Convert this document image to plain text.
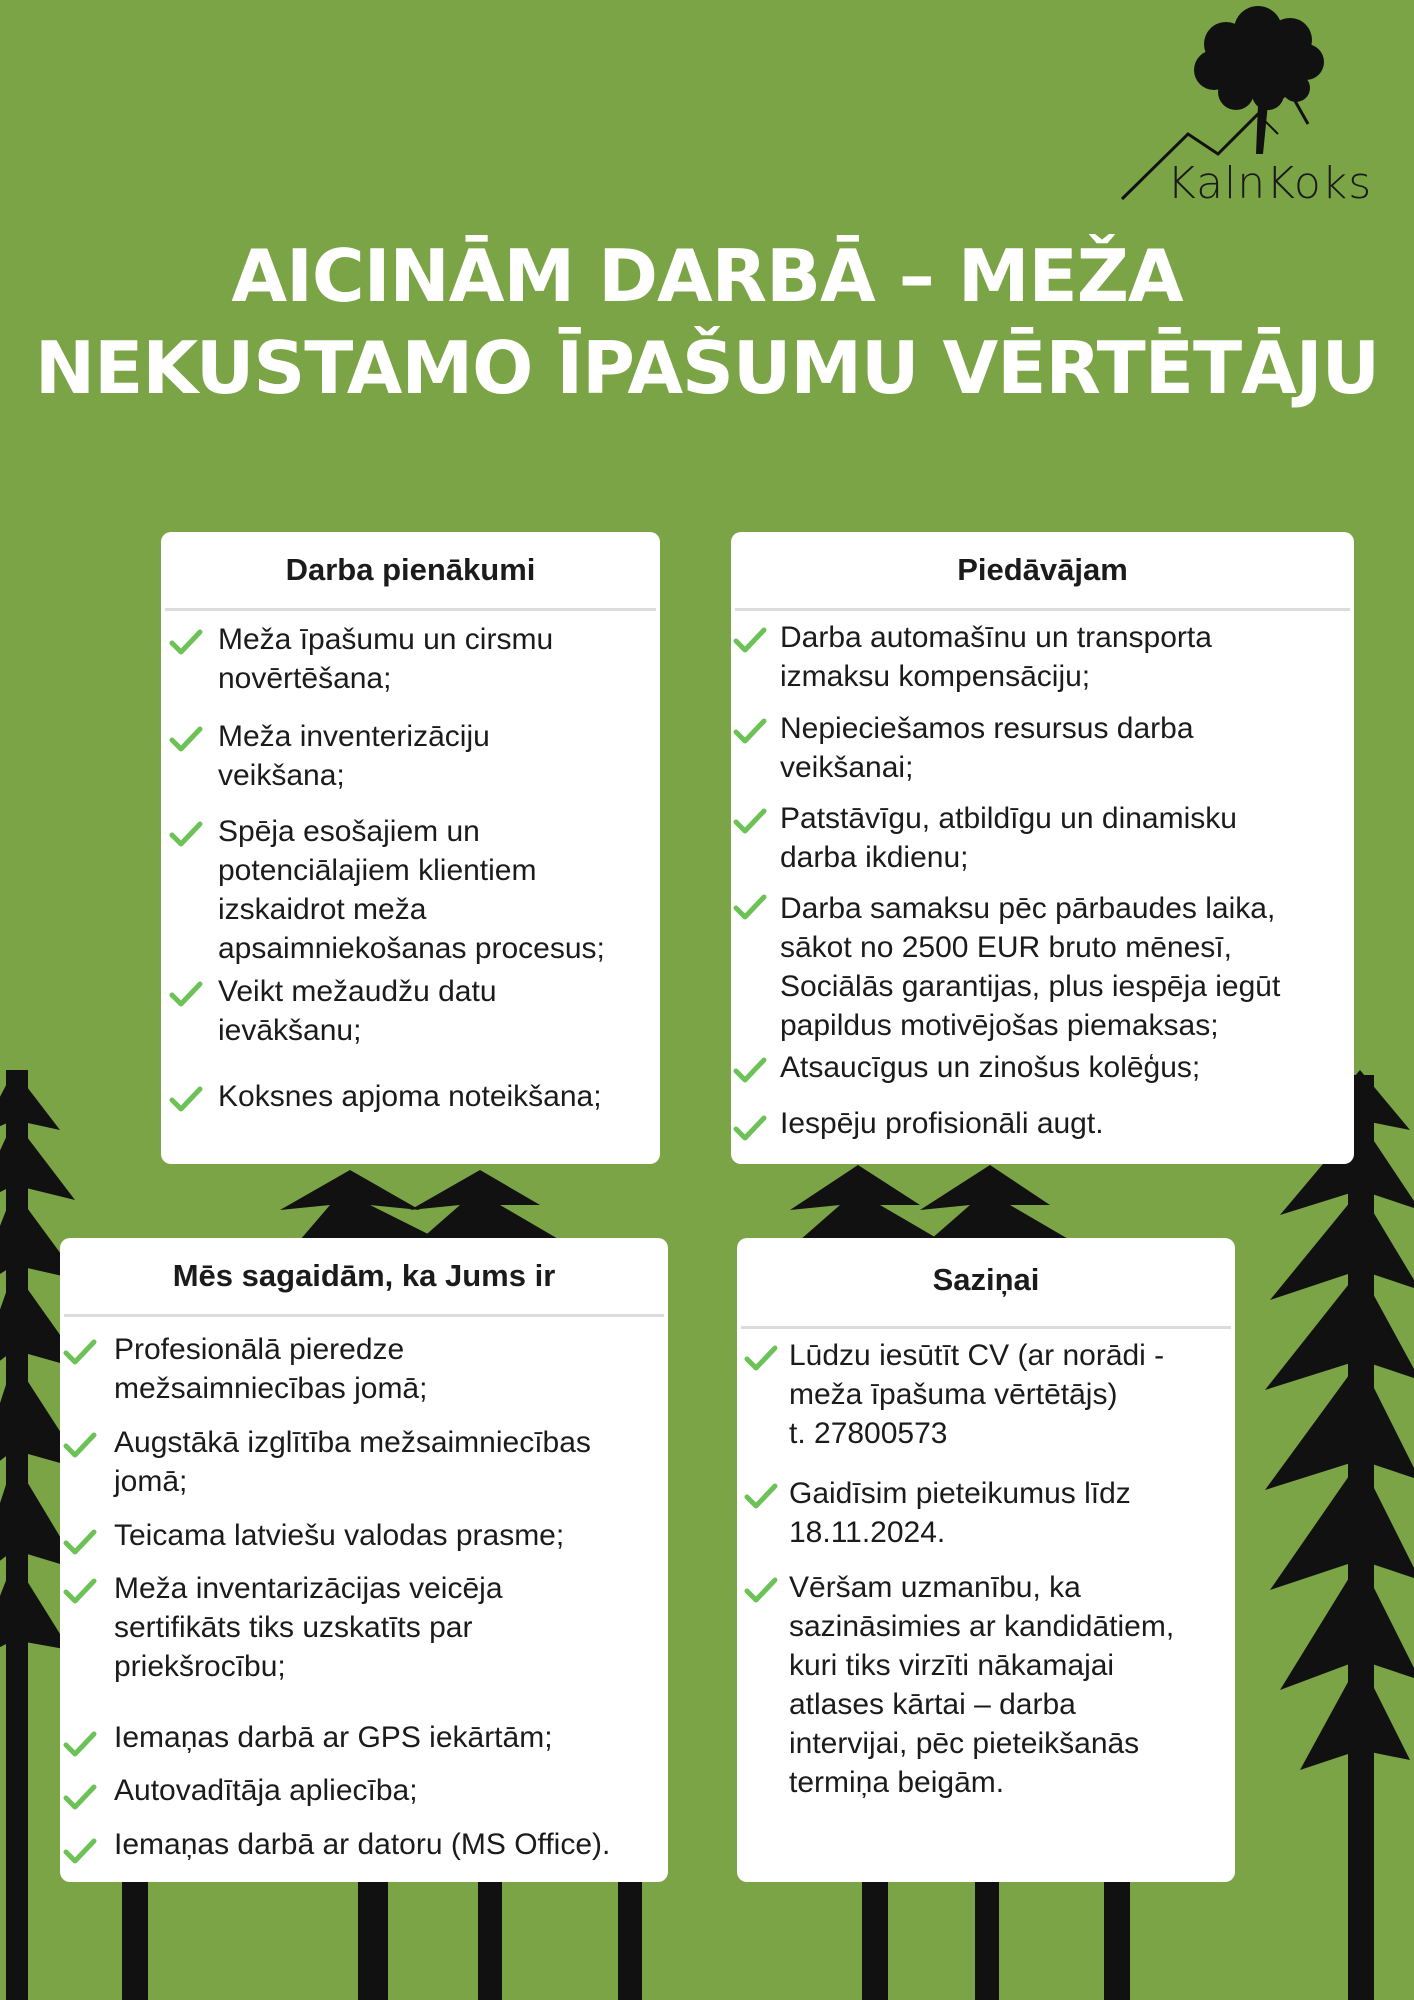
KalnKoks
AICINĀM DARBĀ – MEŽA
NEKUSTAMO ĪPAŠUMU VĒRTĒTĀJU
Darba pienākumi
Meža īpašumu un cirsmu
novērtēšana;
Meža inventerizāciju
veikšana;
Spēja esošajiem un
potenciālajiem klientiem
izskaidrot meža
apsaimniekošanas procesus;
Veikt mežaudžu datu
ievākšanu;
Koksnes apjoma noteikšana;
Piedāvājam
Darba automašīnu un transporta
izmaksu kompensāciju;
Nepieciešamos resursus darba
veikšanai;
Patstāvīgu, atbildīgu un dinamisku
darba ikdienu;
Darba samaksu pēc pārbaudes laika,
sākot no 2500 EUR bruto mēnesī,
Sociālās garantijas, plus iespēja iegūt
papildus motivējošas piemaksas;
Atsaucīgus un zinošus kolēģus;
Iespēju profisionāli augt.
Mēs sagaidām, ka Jums ir
Profesionālā pieredze
mežsaimniecības jomā;
Augstākā izglītība mežsaimniecības
jomā;
Teicama latviešu valodas prasme;
Meža inventarizācijas veicēja
sertifikāts tiks uzskatīts par
priekšrocību;
Iemaņas darbā ar GPS iekārtām;
Autovadītāja apliecība;
Iemaņas darbā ar datoru (MS Office).
Saziņai
Lūdzu iesūtīt CV (ar norādi -
meža īpašuma vērtētājs)
t. 27800573
Gaidīsim pieteikumus līdz
18.11.2024.
Vēršam uzmanību, ka
sazināsimies ar kandidātiem,
kuri tiks virzīti nākamajai
atlases kārtai – darba
intervijai, pēc pieteikšanās
termiņa beigām.
